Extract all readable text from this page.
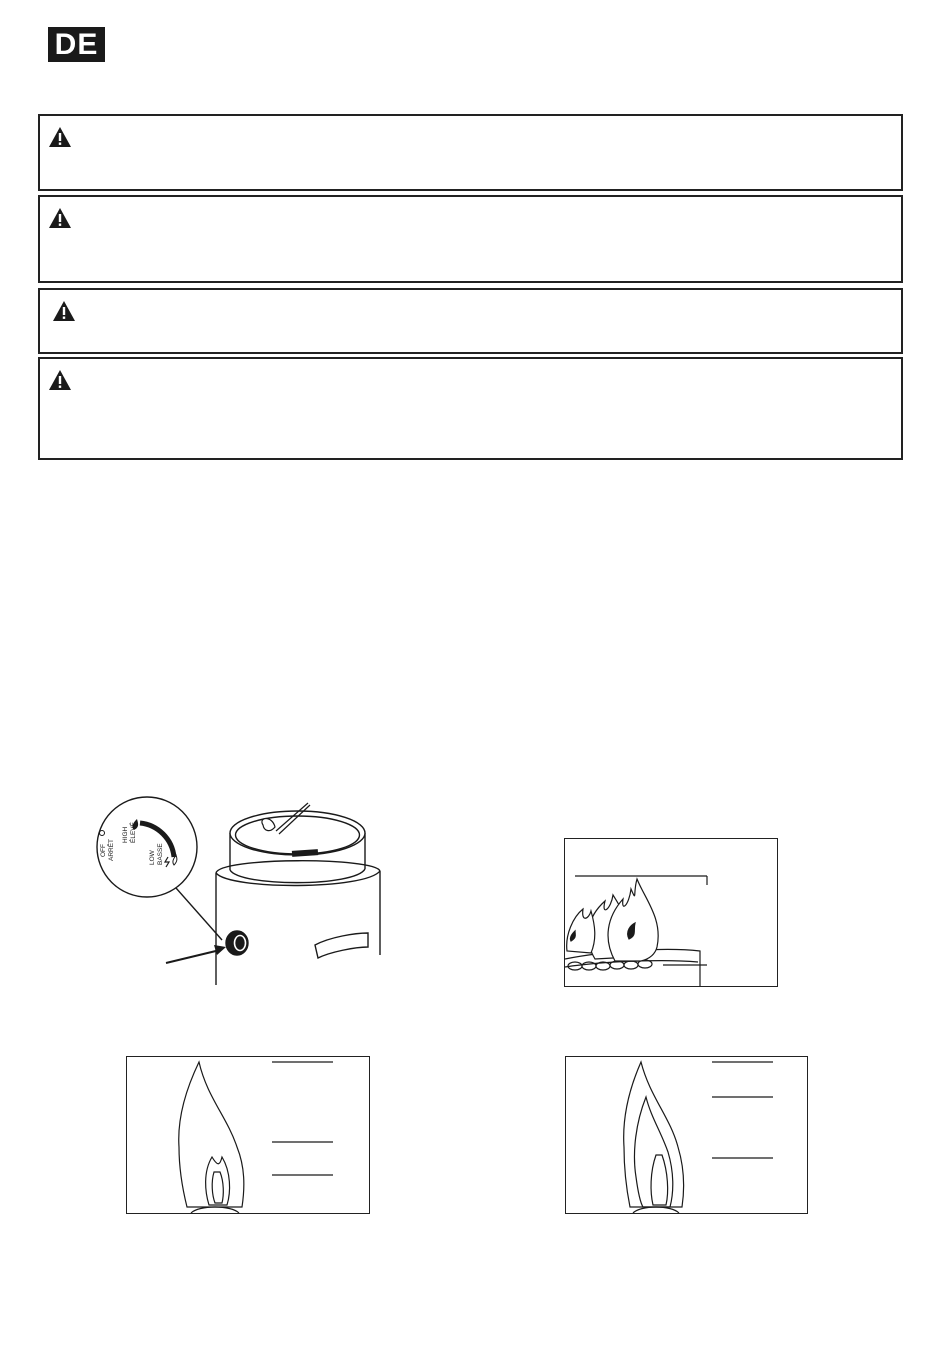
DE
OFF ARRÊT
HIGH ÉLEVÉ
LOW BASSE
